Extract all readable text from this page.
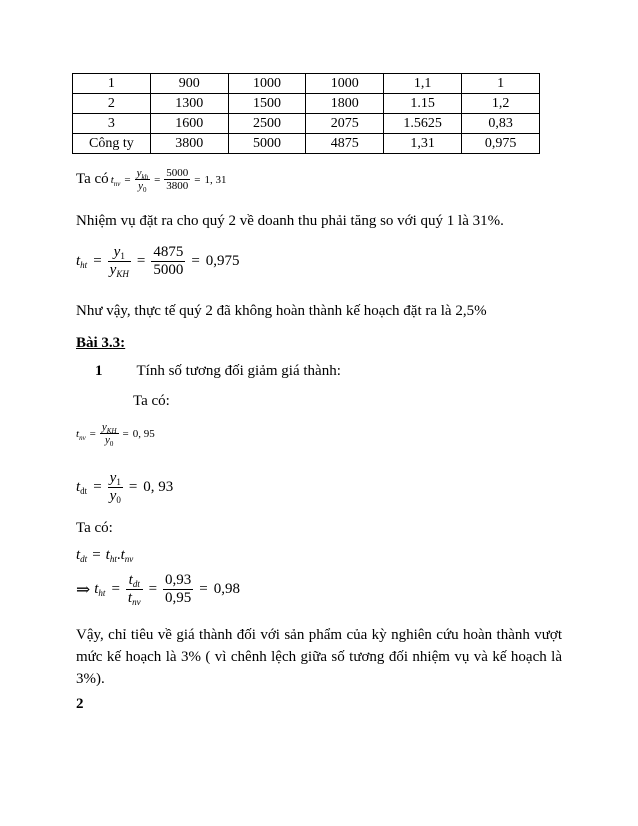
1	900	1000	1000	1,1	1
2	1300	1500	1800	1.15	1,2
3	1600	2500	2075	1.5625	0,83
Công ty	3800	5000	4875	1,31	0,975
Ta có $t_{nv} = \frac{y_{kh}}{y_0} = \frac{5000}{3800} = 1$, 31
Nhiệm vụ đặt ra cho quý 2 về doanh thu phải tăng so với quý 1 là 31%.
$t_{ht} = \frac{y_1}{y_{KH}} = \frac{4875}{5000} = 0,975$
Như vậy, thực tế quý 2 đã không hoàn thành kế hoạch đặt ra là 2,5%
Bài 3.3:
1 Tính số tương đối giảm giá thành:
Ta có:
$t_{nv} = \frac{y_{KH}}{y_0} = 0$, 95
$t_{dt} = \frac{y_1}{y_0} = 0$, 93
Ta có:
$t_{dt} = t_{ht}$ . $t_{nv}$
⇒ $t_{ht} = \frac{t_{dt}}{t_{nv}} = \frac{0,93}{0,95} = 0,98$
Vậy, chỉ tiêu về giá thành đối với sản phẩm của kỳ nghiên cứu hoàn thành vượt mức kế hoạch là 3% ( vì chênh lệch giữa số tương đối nhiệm vụ và kế hoạch là 3%).
2
